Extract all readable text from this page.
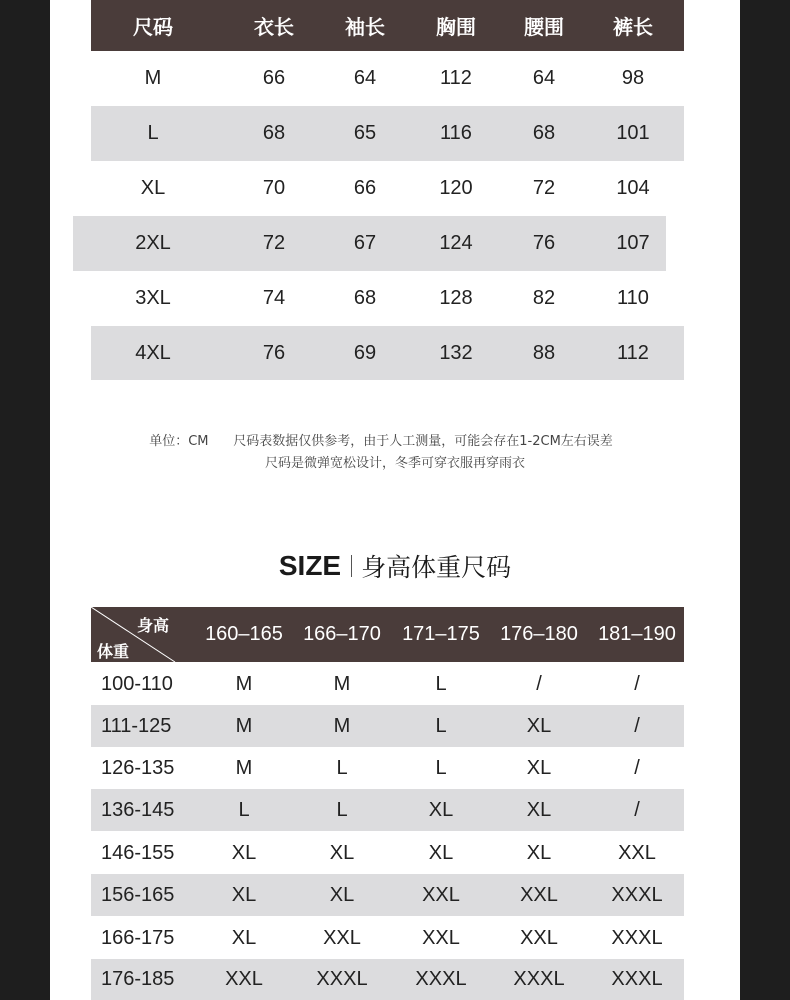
尺码	衣长	袖长	胸围	腰围	裤长
M	66	64	112	64	98
L	68	65	116	68	101
XL	70	66	120	72	104
2XL	72	67	124	76	107
3XL	74	68	128	82	110
4XL	76	69	132	88	112
单位：CM      尺码表数据仅供参考，由于人工测量，可能会存在1-2CM左右误差
尺码是微弹宽松设计，冬季可穿衣服再穿雨衣
SIZE 身高体重尺码
身高
体重
160–165	166–170	171–175	176–180	181–190
100-110	M	M	L	/	/
111-125	M	M	L	XL	/
126-135	M	L	L	XL	/
136-145	L	L	XL	XL	/
146-155	XL	XL	XL	XL	XXL
156-165	XL	XL	XXL	XXL	XXXL
166-175	XL	XXL	XXL	XXL	XXXL
176-185	XXL	XXXL	XXXL	XXXL	XXXL
